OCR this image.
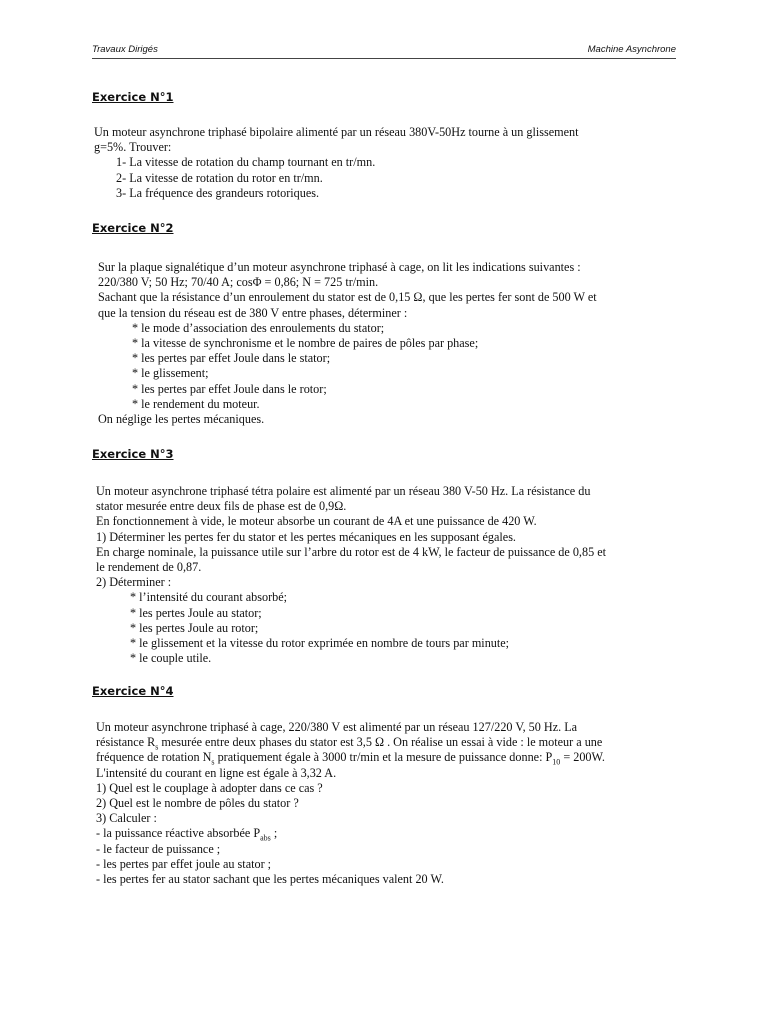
Travaux Dirigés	Machine Asynchrone
Exercice N°1
Un moteur asynchrone triphasé bipolaire alimenté par un réseau 380V-50Hz tourne à un glissement
g=5%. Trouver:
1- La vitesse de rotation du champ tournant en tr/mn.
2- La vitesse de rotation du rotor en tr/mn.
3- La fréquence des grandeurs rotoriques.
Exercice N°2
Sur la plaque signalétique d’un moteur asynchrone triphasé à cage, on lit les indications suivantes :
220/380 V; 50 Hz; 70/40 A; cosΦ = 0,86; N = 725 tr/min.
Sachant que la résistance d’un enroulement du stator est de 0,15 Ω, que les pertes fer sont de 500 W et
que la tension du réseau est de 380 V entre phases, déterminer :
* le mode d’association des enroulements du stator;
* la vitesse de synchronisme et le nombre de paires de pôles par phase;
* les pertes par effet Joule dans le stator;
* le glissement;
* les pertes par effet Joule dans le rotor;
* le rendement du moteur.
On néglige les pertes mécaniques.
Exercice N°3
Un moteur asynchrone triphasé tétra polaire est alimenté par un réseau 380 V-50 Hz. La résistance du
stator mesurée entre deux fils de phase est de 0,9Ω.
En fonctionnement à vide, le moteur absorbe un courant de 4A et une puissance de 420 W.
1) Déterminer les pertes fer du stator et les pertes mécaniques en les supposant égales.
En charge nominale, la puissance utile sur l’arbre du rotor est de 4 kW, le facteur de puissance de 0,85 et
le rendement de 0,87.
2) Déterminer :
* l’intensité du courant absorbé;
* les pertes Joule au stator;
* les pertes Joule au rotor;
* le glissement et la vitesse du rotor exprimée en nombre de tours par minute;
* le couple utile.
Exercice N°4
Un moteur asynchrone triphasé à cage, 220/380 V est alimenté par un réseau 127/220 V, 50 Hz. La
résistance $R_s$ mesurée entre deux phases du stator est 3,5 Ω . On réalise un essai à vide : le moteur a une
fréquence de rotation $N_s$ pratiquement égale à 3000 tr/min et la mesure de puissance donne: $P_{10} = 200W$.
L'intensité du courant en ligne est égale à 3,32 A.
1) Quel est le couplage à adopter dans ce cas ?
2) Quel est le nombre de pôles du stator ?
3) Calculer :
- la puissance réactive absorbée $P_{abs}$ ;
- le facteur de puissance ;
- les pertes par effet joule au stator ;
- les pertes fer au stator sachant que les pertes mécaniques valent 20 W.
